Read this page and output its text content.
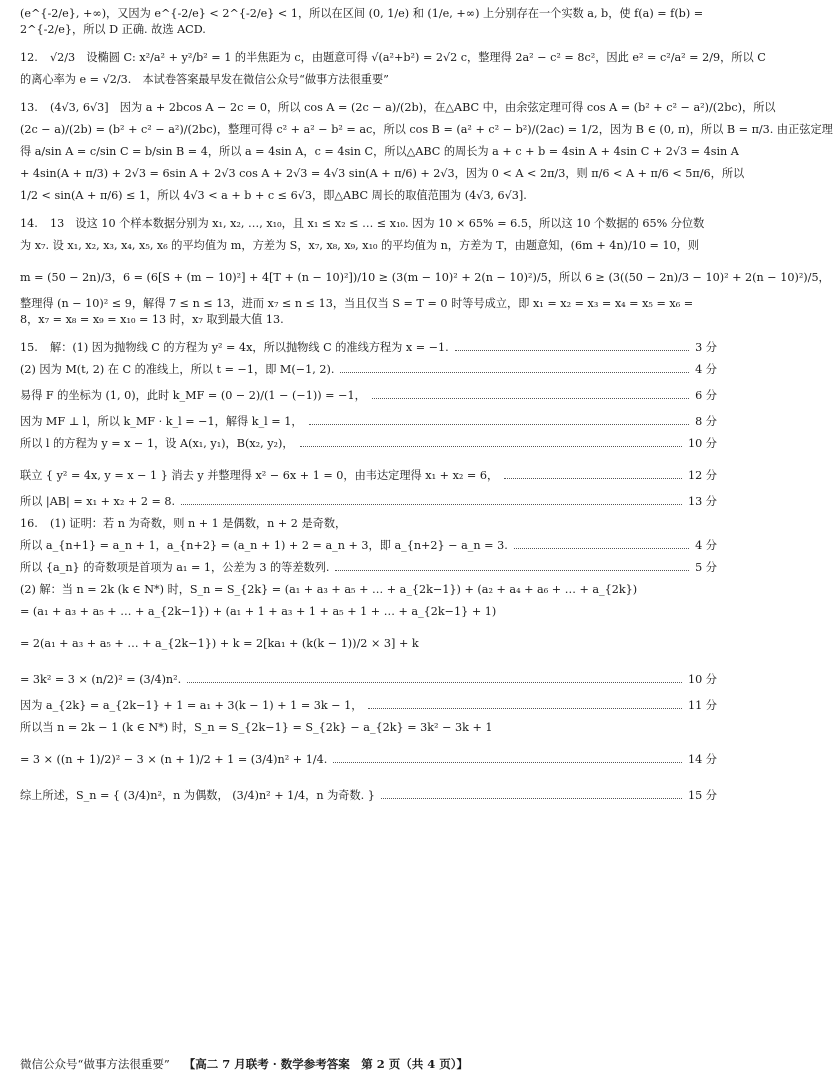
(e^{-2/e}, +∞)，又因为 e^{-2/e} < 2^{-2/e} < 1，所以在区间 (0, 1/e) 和 (1/e, +∞) 上分别存在一个实数 a, b，使 f(a) = f(b) =
2^{-2/e}，所以 D 正确. 故选 ACD.
12. √2/3　设椭圆 C: x²/a² + y²/b² = 1 的半焦距为 c，由题意可得 √(a²+b²) = 2√2 c，整理得 2a² − c² = 8c²，因此 e² = c²/a² = 2/9，所以 C
的离心率为 e = √2/3.　本试卷答案最早发在微信公众号“做事方法很重要”
13. (4√3, 6√3]　因为 a + 2bcos A − 2c = 0，所以 cos A = (2c − a)/(2b)，在△ABC 中，由余弦定理可得 cos A = (b² + c² − a²)/(2bc)，所以
(2c − a)/(2b) = (b² + c² − a²)/(2bc)，整理可得 c² + a² − b² = ac，所以 cos B = (a² + c² − b²)/(2ac) = 1/2，因为 B ∈ (0, π)，所以 B = π/3. 由正弦定理
得 a/sin A = c/sin C = b/sin B = 4，所以 a = 4sin A，c = 4sin C，所以△ABC 的周长为 a + c + b = 4sin A + 4sin C + 2√3 = 4sin A
+ 4sin(A + π/3) + 2√3 = 6sin A + 2√3 cos A + 2√3 = 4√3 sin(A + π/6) + 2√3，因为 0 < A < 2π/3，则 π/6 < A + π/6 < 5π/6，所以
1/2 < sin(A + π/6) ≤ 1，所以 4√3 < a + b + c ≤ 6√3，即△ABC 周长的取值范围为 (4√3, 6√3].
14. 13　设这 10 个样本数据分别为 x₁, x₂, …, x₁₀，且 x₁ ≤ x₂ ≤ … ≤ x₁₀. 因为 10 × 65% = 6.5，所以这 10 个数据的 65% 分位数
为 x₇. 设 x₁, x₂, x₃, x₄, x₅, x₆ 的平均值为 m，方差为 S，x₇, x₈, x₉, x₁₀ 的平均值为 n，方差为 T，由题意知，(6m + 4n)/10 = 10，则
m = (50 − 2n)/3，6 = (6[S + (m − 10)²] + 4[T + (n − 10)²])/10 ≥ (3(m − 10)² + 2(n − 10)²)/5，所以 6 ≥ (3((50 − 2n)/3 − 10)² + 2(n − 10)²)/5，
整理得 (n − 10)² ≤ 9，解得 7 ≤ n ≤ 13，进而 x₇ ≤ n ≤ 13，当且仅当 S = T = 0 时等号成立，即 x₁ = x₂ = x₃ = x₄ = x₅ = x₆ =
8，x₇ = x₈ = x₉ = x₁₀ = 13 时，x₇ 取到最大值 13.
15. 解：(1) 因为抛物线 C 的方程为 y² = 4x，所以抛物线 C 的准线方程为 x = −1.	3 分
(2) 因为 M(t, 2) 在 C 的准线上，所以 t = −1，即 M(−1, 2).	4 分
易得 F 的坐标为 (1, 0)，此时 k_MF = (0 − 2)/(1 − (−1)) = −1，	6 分
因为 MF ⊥ l，所以 k_MF · k_l = −1，解得 k_l = 1，	8 分
所以 l 的方程为 y = x − 1，设 A(x₁, y₁)，B(x₂, y₂)，	10 分
联立 { y² = 4x, y = x − 1 } 消去 y 并整理得 x² − 6x + 1 = 0，由韦达定理得 x₁ + x₂ = 6，	12 分
所以 |AB| = x₁ + x₂ + 2 = 8.	13 分
16. (1) 证明：若 n 为奇数，则 n + 1 是偶数，n + 2 是奇数，
所以 a_{n+1} = a_n + 1，a_{n+2} = (a_n + 1) + 2 = a_n + 3，即 a_{n+2} − a_n = 3.	4 分
所以 {a_n} 的奇数项是首项为 a₁ = 1，公差为 3 的等差数列.	5 分
(2) 解：当 n = 2k (k ∈ N*) 时，S_n = S_{2k} = (a₁ + a₃ + a₅ + … + a_{2k−1}) + (a₂ + a₄ + a₆ + … + a_{2k})
= (a₁ + a₃ + a₅ + … + a_{2k−1}) + (a₁ + 1 + a₃ + 1 + a₅ + 1 + … + a_{2k−1} + 1)
= 2(a₁ + a₃ + a₅ + … + a_{2k−1}) + k = 2[ka₁ + (k(k − 1))/2 × 3] + k
= 3k² = 3 × (n/2)² = (3/4)n².	10 分
因为 a_{2k} = a_{2k−1} + 1 = a₁ + 3(k − 1) + 1 = 3k − 1，	11 分
所以当 n = 2k − 1 (k ∈ N*) 时，S_n = S_{2k−1} = S_{2k} − a_{2k} = 3k² − 3k + 1
= 3 × ((n + 1)/2)² − 3 × (n + 1)/2 + 1 = (3/4)n² + 1/4.	14 分
综上所述，S_n = { (3/4)n²，n 为偶数， (3/4)n² + 1/4，n 为奇数. }	15 分
微信公众号“做事方法很重要” 【高二 7 月联考 · 数学参考答案　第 2 页（共 4 页）】
